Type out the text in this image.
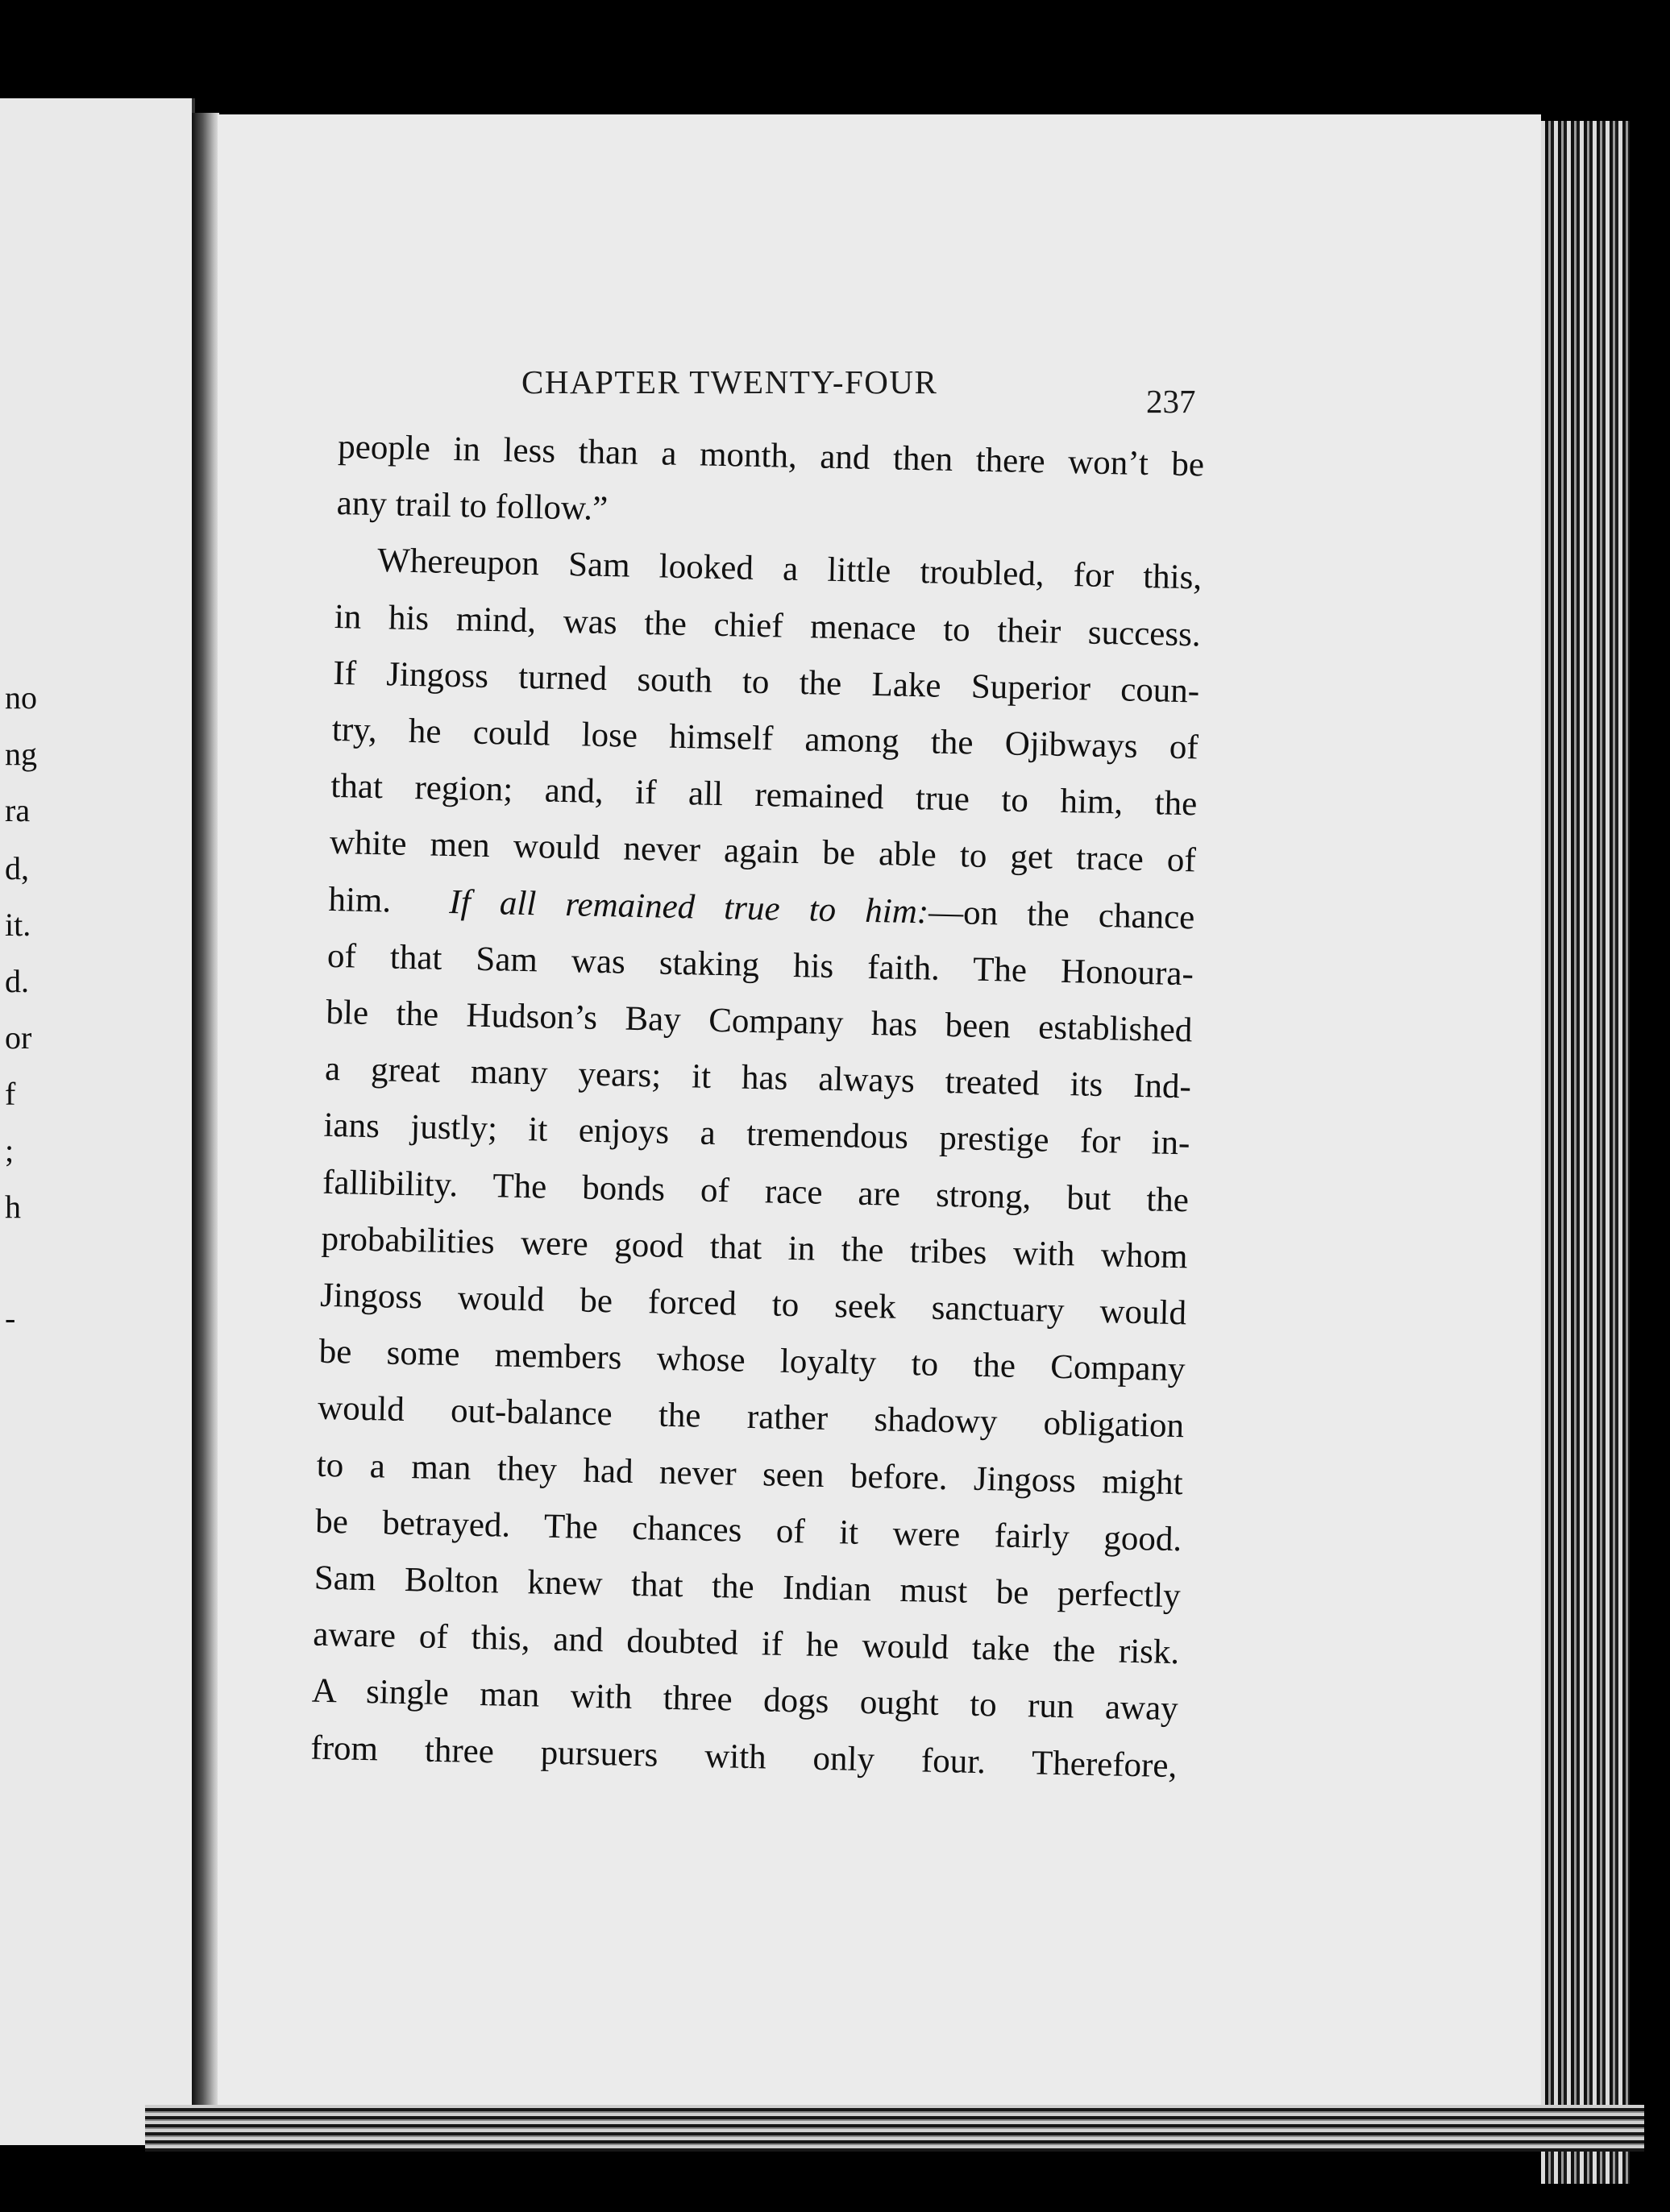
no
ng
ra
d,
it.
d.
or
f
;
h
-
CHAPTER TWENTY-FOUR
237
people in less than a month, and then there won’t be
any trail to follow.”
Whereupon Sam looked a little troubled, for this,
in his mind, was the chief menace to their success.
If Jingoss turned south to the Lake Superior coun-
try, he could lose himself among the Ojibways of
that region; and, if all remained true to him, the
white men would never again be able to get trace of
him. If all remained true to him:—on the chance
of that Sam was staking his faith. The Honoura-
ble the Hudson’s Bay Company has been established
a great many years; it has always treated its Ind-
ians justly; it enjoys a tremendous prestige for in-
fallibility. The bonds of race are strong, but the
probabilities were good that in the tribes with whom
Jingoss would be forced to seek sanctuary would
be some members whose loyalty to the Company
would out-balance the rather shadowy obligation
to a man they had never seen before. Jingoss might
be betrayed. The chances of it were fairly good.
Sam Bolton knew that the Indian must be perfectly
aware of this, and doubted if he would take the risk.
A single man with three dogs ought to run away
from three pursuers with only four. Therefore,
